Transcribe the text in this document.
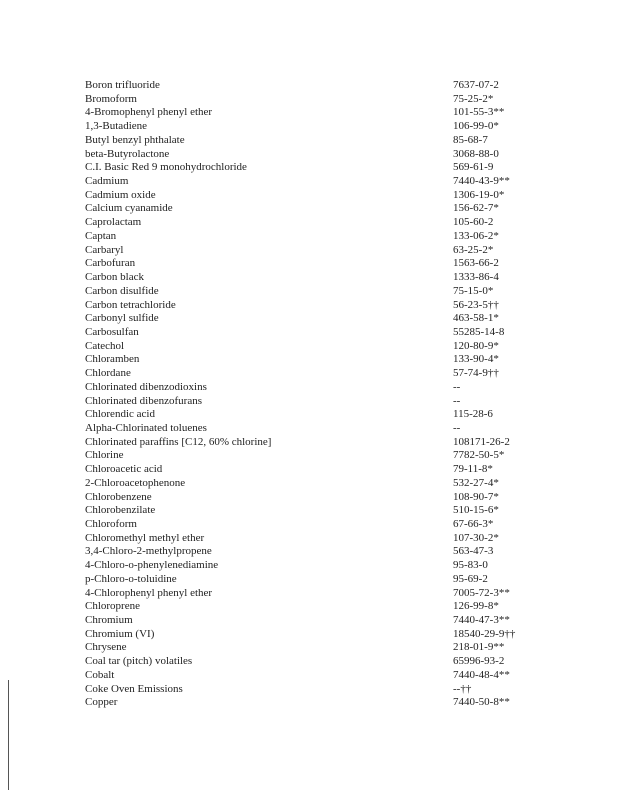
Boron trifluoride	7637-07-2
Bromoform	75-25-2*
4-Bromophenyl phenyl ether	101-55-3**
1,3-Butadiene	106-99-0*
Butyl benzyl phthalate	85-68-7
beta-Butyrolactone	3068-88-0
C.I. Basic Red 9 monohydrochloride	569-61-9
Cadmium	7440-43-9**
Cadmium oxide	1306-19-0*
Calcium cyanamide	156-62-7*
Caprolactam	105-60-2
Captan	133-06-2*
Carbaryl	63-25-2*
Carbofuran	1563-66-2
Carbon black	1333-86-4
Carbon disulfide	75-15-0*
Carbon tetrachloride	56-23-5††
Carbonyl sulfide	463-58-1*
Carbosulfan	55285-14-8
Catechol	120-80-9*
Chloramben	133-90-4*
Chlordane	57-74-9††
Chlorinated dibenzodioxins	--
Chlorinated dibenzofurans	--
Chlorendic acid	115-28-6
Alpha-Chlorinated toluenes	--
Chlorinated paraffins [C12, 60% chlorine]	108171-26-2
Chlorine	7782-50-5*
Chloroacetic acid	79-11-8*
2-Chloroacetophenone	532-27-4*
Chlorobenzene	108-90-7*
Chlorobenzilate	510-15-6*
Chloroform	67-66-3*
Chloromethyl methyl ether	107-30-2*
3,4-Chloro-2-methylpropene	563-47-3
4-Chloro-o-phenylenediamine	95-83-0
p-Chloro-o-toluidine	95-69-2
4-Chlorophenyl phenyl ether	7005-72-3**
Chloroprene	126-99-8*
Chromium	7440-47-3**
Chromium (VI)	18540-29-9††
Chrysene	218-01-9**
Coal tar (pitch) volatiles	65996-93-2
Cobalt	7440-48-4**
Coke Oven Emissions	--††
Copper	7440-50-8**
